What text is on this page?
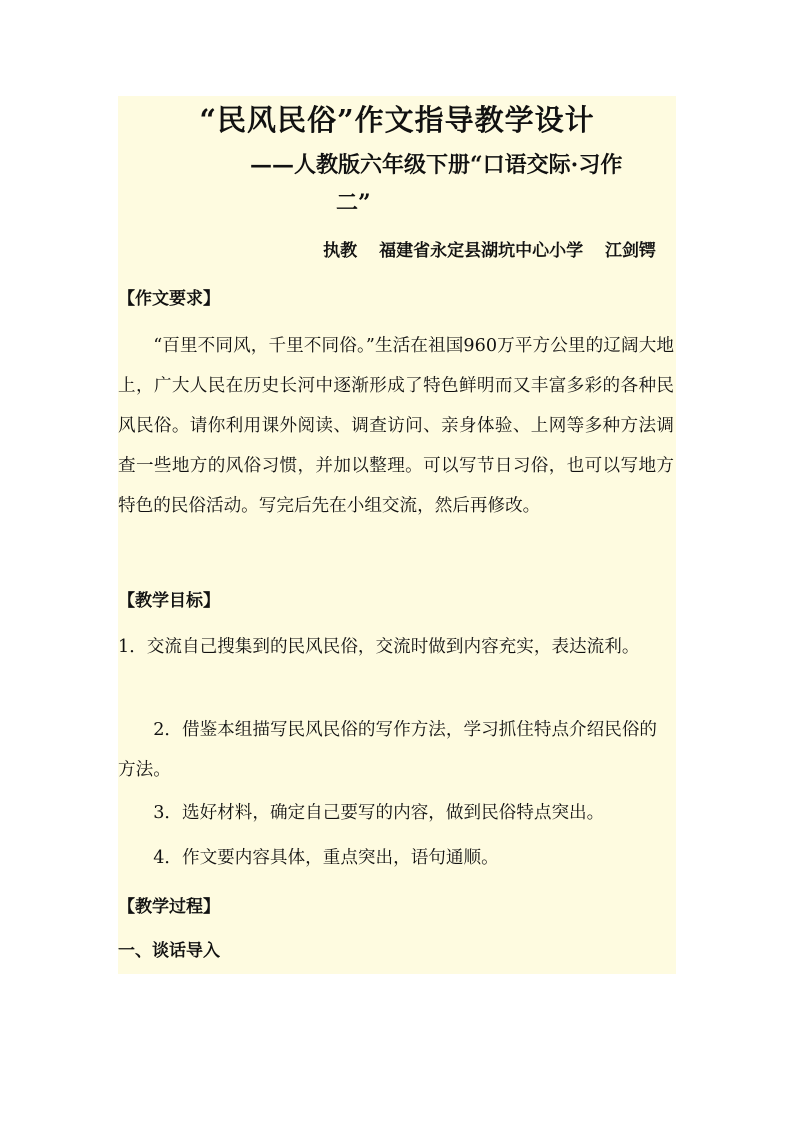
“民风民俗”作文指导教学设计
——人教版六年级下册“口语交际·习作
二”
执教 福建省永定县湖坑中心小学 江剑锷
【作文要求】
“百里不同风，千里不同俗。”生活在祖国960万平方公里的辽阔大地上，广大人民在历史长河中逐渐形成了特色鲜明而又丰富多彩的各种民风民俗。请你利用课外阅读、调查访问、亲身体验、上网等多种方法调查一些地方的风俗习惯，并加以整理。可以写节日习俗，也可以写地方特色的民俗活动。写完后先在小组交流，然后再修改。
【教学目标】
1．交流自己搜集到的民风民俗，交流时做到内容充实，表达流利。
2．借鉴本组描写民风民俗的写作方法，学习抓住特点介绍民俗的方法。
3．选好材料，确定自己要写的内容，做到民俗特点突出。
4．作文要内容具体，重点突出，语句通顺。
【教学过程】
一、谈话导入
